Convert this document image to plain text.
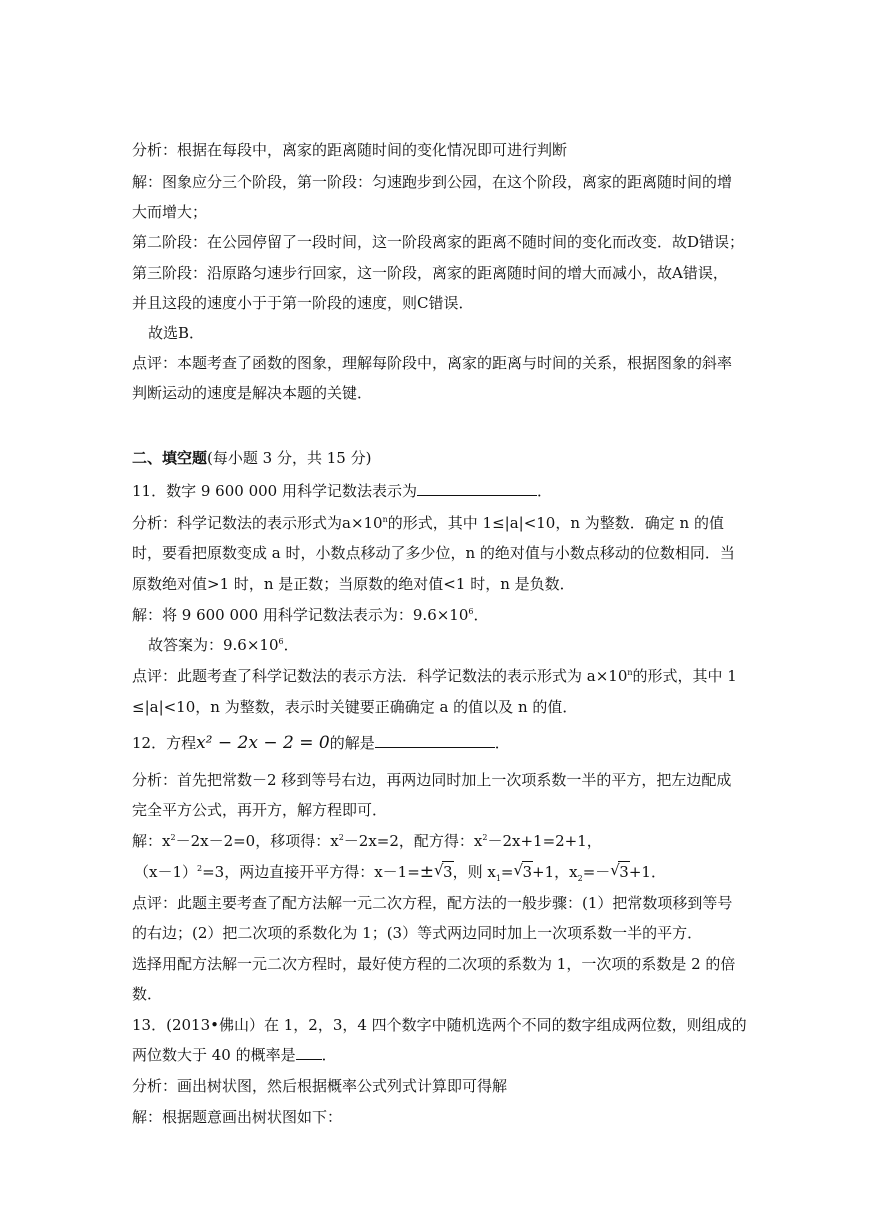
分析：根据在每段中，离家的距离随时间的变化情况即可进行判断
解：图象应分三个阶段，第一阶段：匀速跑步到公园，在这个阶段，离家的距离随时间的增
大而增大；
第二阶段：在公园停留了一段时间，这一阶段离家的距离不随时间的变化而改变．故D错误；
第三阶段：沿原路匀速步行回家，这一阶段，离家的距离随时间的增大而减小，故A错误，
并且这段的速度小于于第一阶段的速度，则C错误．
故选B．
点评：本题考查了函数的图象，理解每阶段中，离家的距离与时间的关系，根据图象的斜率
判断运动的速度是解决本题的关键．
二、填空题(每小题 3 分，共 15 分)
11．数字 9 600 000 用科学记数法表示为	．
分析：科学记数法的表示形式为$a\times 10^n$的形式，其中 1≤|a|<10，n 为整数．确定 n 的值
时，要看把原数变成 a 时，小数点移动了多少位，n 的绝对值与小数点移动的位数相同．当
原数绝对值>1 时，n 是正数；当原数的绝对值<1 时，n 是负数．
解：将 9 600 000 用科学记数法表示为：$9.6\times 10^6$．
故答案为：$9.6\times 10^6$．
点评：此题考查了科学记数法的表示方法．科学记数法的表示形式为 $a\times 10^n$的形式，其中 1
≤|a|<10，n 为整数，表示时关键要正确确定 a 的值以及 n 的值．
12．方程x² − 2x − 2 = 0的解是	．
分析：首先把常数－2 移到等号右边，再两边同时加上一次项系数一半的平方，把左边配成
完全平方公式，再开方，解方程即可．
解：$x^2-2x-2=0$，移项得：$x^2-2x=2$，配方得：$x^2-2x+1=2+1$，
$(x-1)^2=3$，两边直接开平方得：x－1=± √ 3，则 $x_1=$ √ 3+1，$x_2=-$ √ 3+1．
点评：此题主要考查了配方法解一元二次方程，配方法的一般步骤：(1）把常数项移到等号
的右边；(2）把二次项的系数化为 1；(3）等式两边同时加上一次项系数一半的平方．
选择用配方法解一元二次方程时，最好使方程的二次项的系数为 1，一次项的系数是 2 的倍
数．
13．(2013•佛山）在 1，2，3，4 四个数字中随机选两个不同的数字组成两位数，则组成的
两位数大于 40 的概率是 ．
分析：画出树状图，然后根据概率公式列式计算即可得解
解：根据题意画出树状图如下：
